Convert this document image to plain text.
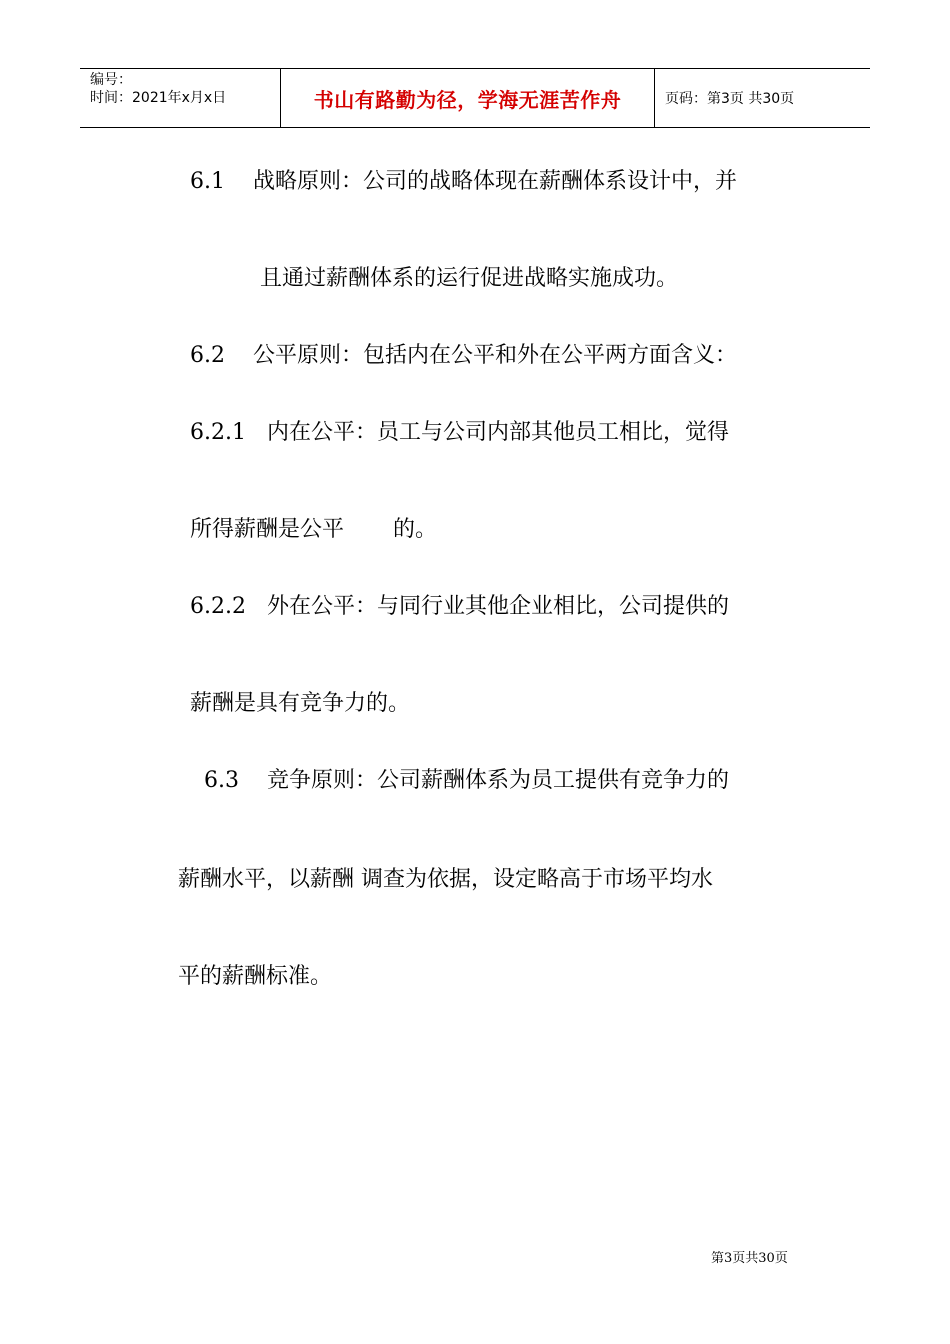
编号：
时间：2021年x月x日	书山有路勤为径，学海无涯苦作舟	页码：第3页 共30页
6.1    战略原则：公司的战略体现在薪酬体系设计中，并
且通过薪酬体系的运行促进战略实施成功。
6.2    公平原则：包括内在公平和外在公平两方面含义：
6.2.1   内在公平：员工与公司内部其他员工相比，觉得
所得薪酬是公平       的。
6.2.2   外在公平：与同行业其他企业相比，公司提供的
薪酬是具有竞争力的。
6.3    竞争原则：公司薪酬体系为员工提供有竞争力的
薪酬水平，以薪酬 调查为依据，设定略高于市场平均水
平的薪酬标准。
第3页共30页
